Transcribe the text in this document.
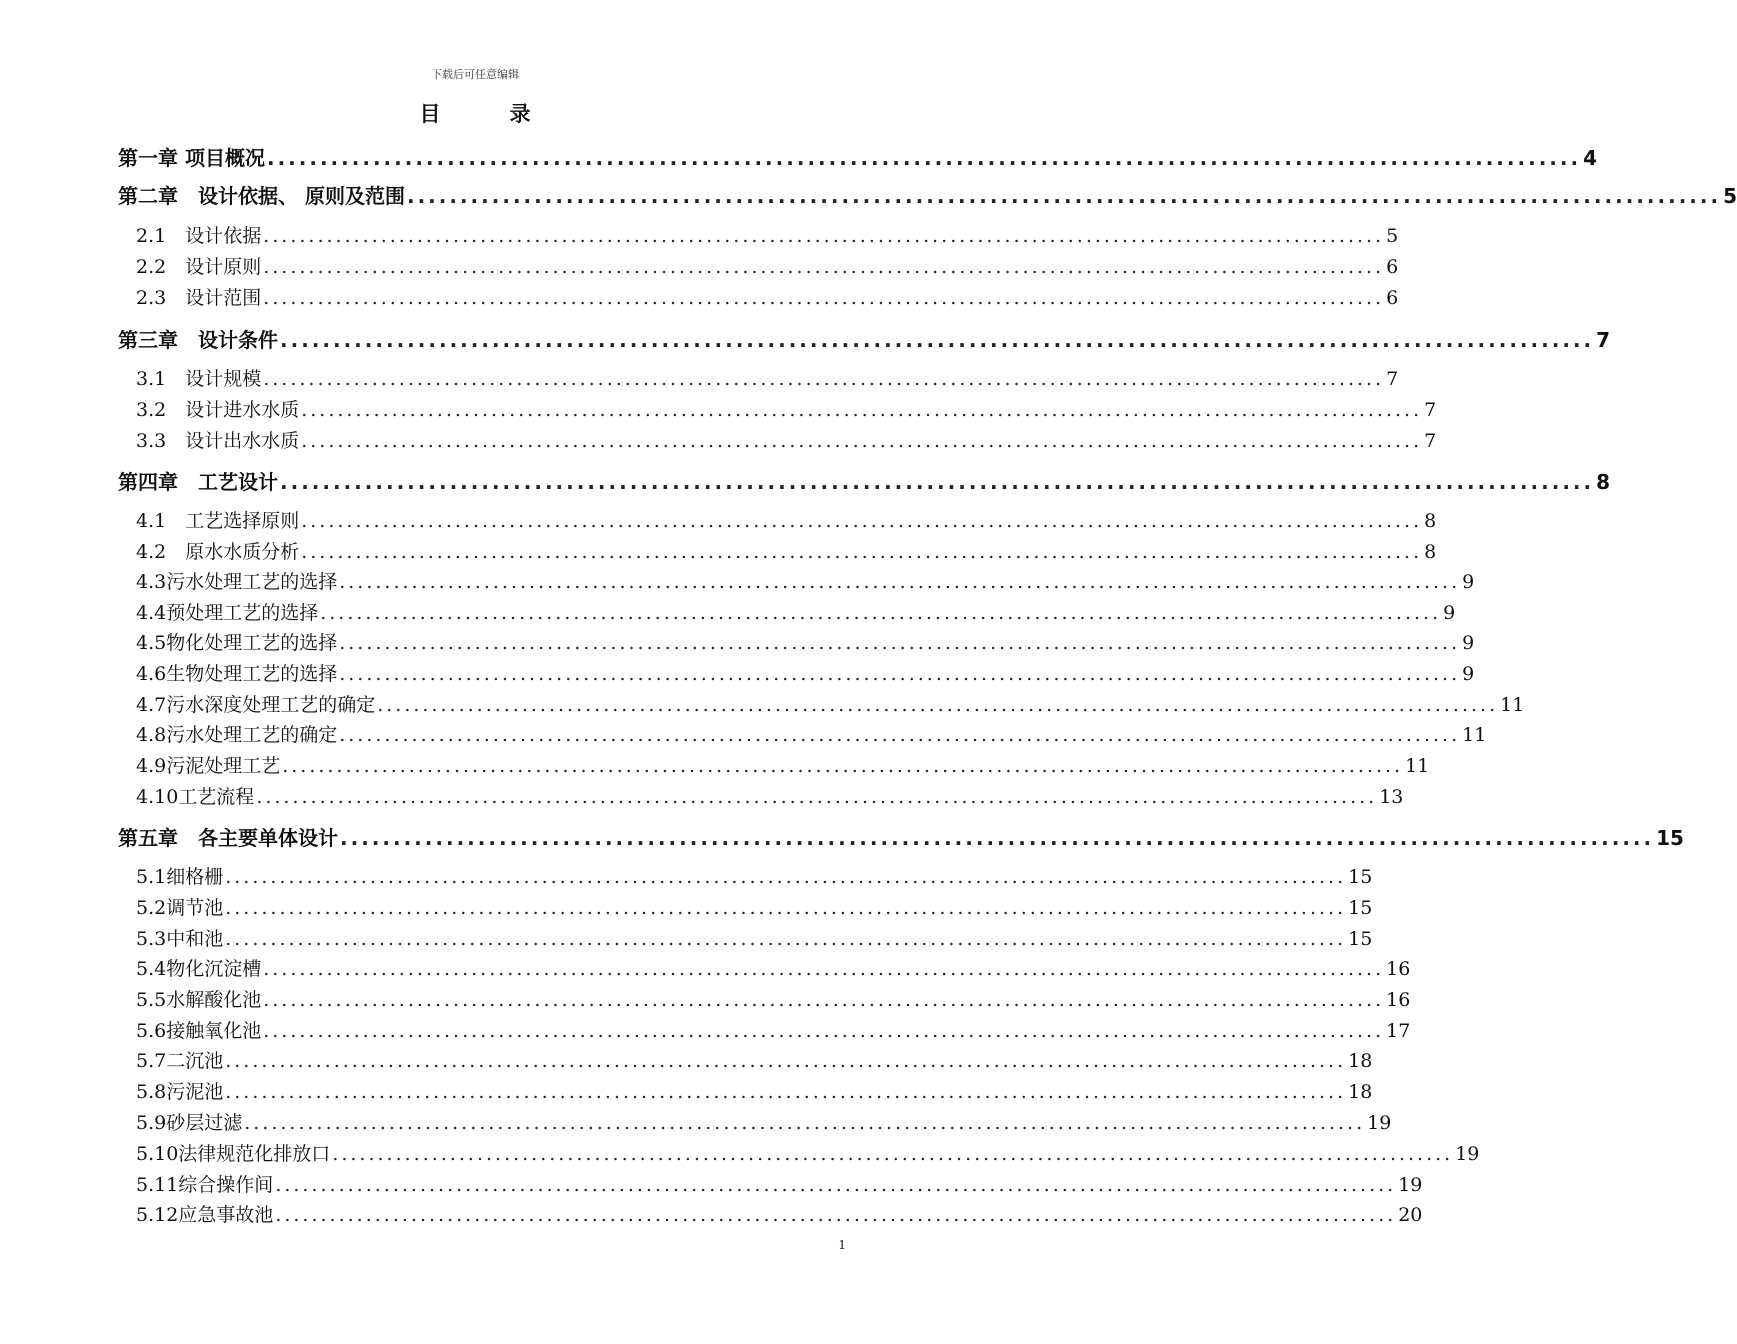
下载后可任意编辑
目　录
第一章 项目概况 ............................................................................................................................ 4
第二章　设计依据、 原则及范围 ............................................................................................................................ 5
2.1　设计依据 ............................................................................................................................ 5
2.2　设计原则 ............................................................................................................................ 6
2.3　设计范围 ............................................................................................................................ 6
第三章　设计条件 ............................................................................................................................ 7
3.1　设计规模 ............................................................................................................................ 7
3.2　设计进水水质 ............................................................................................................................ 7
3.3　设计出水水质 ............................................................................................................................ 7
第四章　工艺设计 ............................................................................................................................ 8
4.1　工艺选择原则 ............................................................................................................................ 8
4.2　原水水质分析 ............................................................................................................................ 8
4.3污水处理工艺的选择 ............................................................................................................................ 9
4.4预处理工艺的选择 ............................................................................................................................ 9
4.5物化处理工艺的选择 ............................................................................................................................ 9
4.6生物处理工艺的选择 ............................................................................................................................ 9
4.7污水深度处理工艺的确定 ............................................................................................................................ 11
4.8污水处理工艺的确定 ............................................................................................................................ 11
4.9污泥处理工艺 ............................................................................................................................ 11
4.10工艺流程 ............................................................................................................................ 13
第五章　各主要单体设计 ............................................................................................................................ 15
5.1细格栅 ............................................................................................................................ 15
5.2调节池 ............................................................................................................................ 15
5.3中和池 ............................................................................................................................ 15
5.4物化沉淀槽 ............................................................................................................................ 16
5.5水解酸化池 ............................................................................................................................ 16
5.6接触氧化池 ............................................................................................................................ 17
5.7二沉池 ............................................................................................................................ 18
5.8污泥池 ............................................................................................................................ 18
5.9砂层过滤 ............................................................................................................................ 19
5.10法律规范化排放口 ............................................................................................................................ 19
5.11综合操作间 ............................................................................................................................ 19
5.12应急事故池 ............................................................................................................................ 20
1
